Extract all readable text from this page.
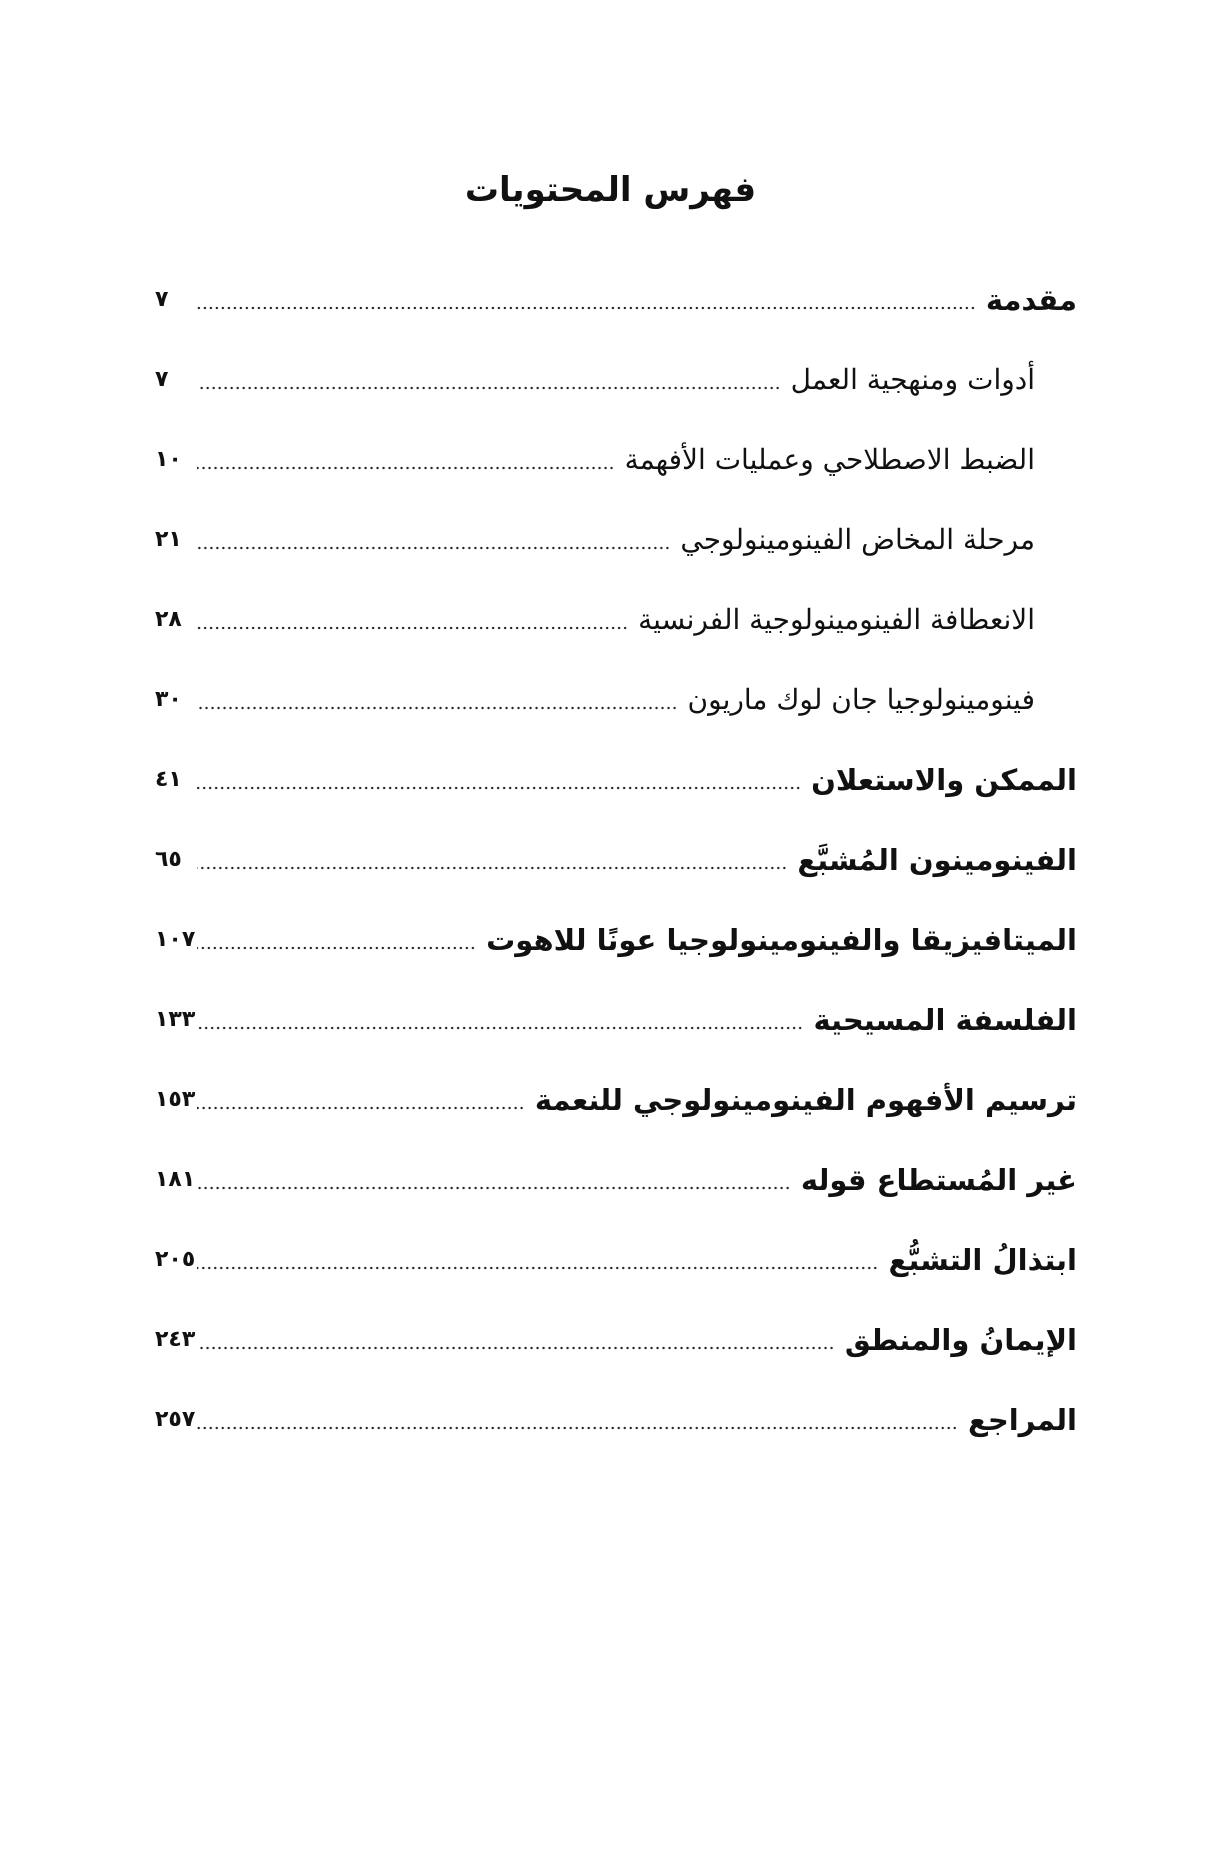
فهرس المحتويات
مقدمة
٧
أدوات ومنهجية العمل
٧
الضبط الاصطلاحي وعمليات الأفهمة
١٠
مرحلة المخاض الفينومينولوجي
٢١
الانعطافة الفينومينولوجية الفرنسية
٢٨
فينومينولوجيا جان لوك ماريون
٣٠
الممكن والاستعلان
٤١
الفينومينون المُشبَّع
٦٥
الميتافيزيقا والفينومينولوجيا عونًا للاهوت
١٠٧
الفلسفة المسيحية
١٣٣
ترسيم الأفهوم الفينومينولوجي للنعمة
١٥٣
غير المُستطاع قوله
١٨١
ابتذالُ التشبُّع
٢٠٥
الإيمانُ والمنطق
٢٤٣
المراجع
٢٥٧
